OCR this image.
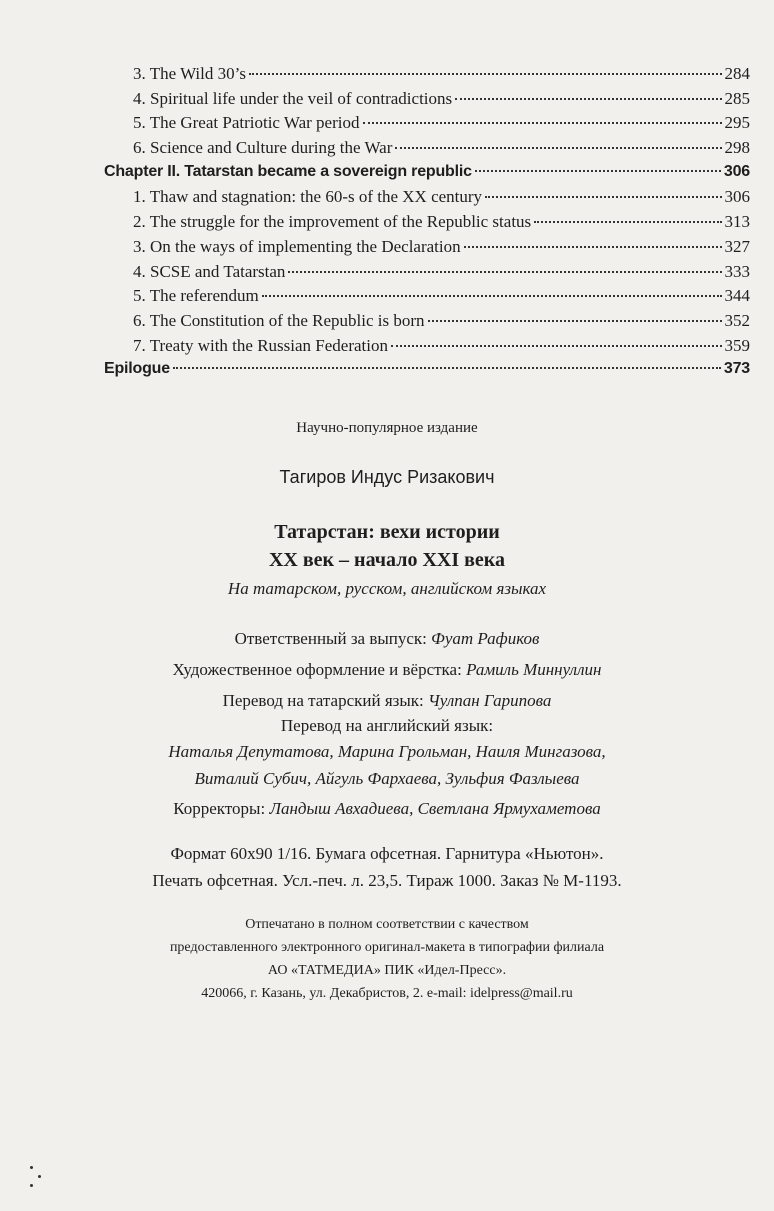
3. The Wild 30’s	284
4. Spiritual life under the veil of contradictions	285
5. The Great Patriotic War period	295
6. Science and Culture during the War	298
Chapter II. Tatarstan became a sovereign republic	306
1. Thaw and stagnation: the 60-s of the XX century	306
2. The struggle for the improvement of the Republic status	313
3. On the ways of implementing the Declaration	327
4. SCSE and Tatarstan	333
5. The referendum	344
6. The Constitution of the Republic is born	352
7. Treaty with the Russian Federation	359
Epilogue	373
Научно-популярное издание
Тагиров Индус Ризакович
Татарстан: вехи истории
XX век – начало XXI века
На татарском, русском, английском языках
Ответственный за выпуск: Фуат Рафиков
Художественное оформление и вёрстка: Рамиль Миннуллин
Перевод на татарский язык: Чулпан Гарипова
Перевод на английский язык:
Наталья Депутатова, Марина Грольман, Наиля Мингазова,
Виталий Субич, Айгуль Фархаева, Зульфия Фазлыева
Корректоры: Ландыш Авхадиева, Светлана Ярмухаметова
Формат 60х90 1/16. Бумага офсетная. Гарнитура «Ньютон».
Печать офсетная. Усл.-печ. л. 23,5. Тираж 1000. Заказ № М-1193.
Отпечатано в полном соответствии с качеством
предоставленного электронного оригинал-макета в типографии филиала
АО «ТАТМЕДИА» ПИК «Идел-Пресс».
420066, г. Казань, ул. Декабристов, 2. e-mail: idelpress@mail.ru
